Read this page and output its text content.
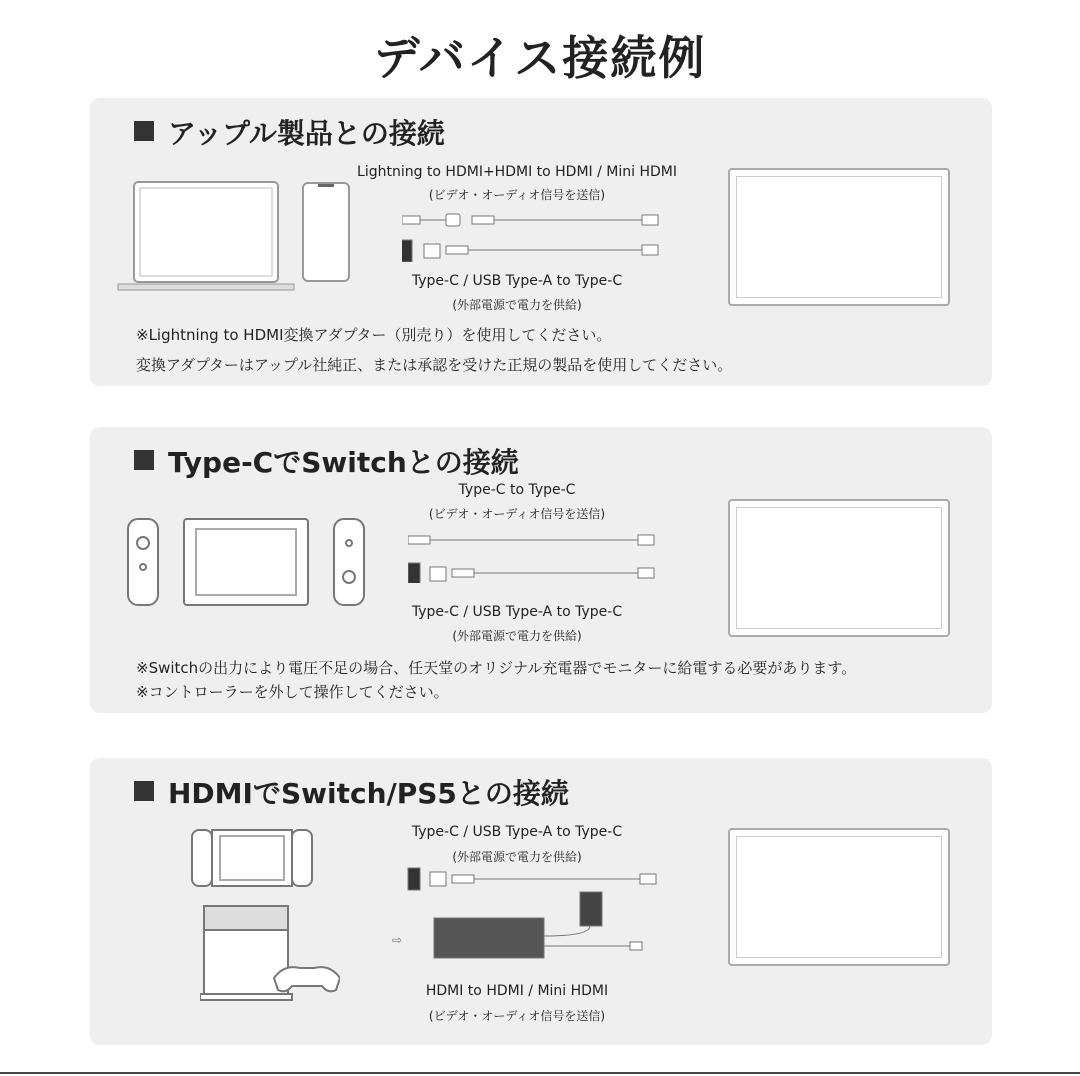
デバイス接続例
アップル製品との接続
Lightning to HDMI+HDMI to HDMI / Mini HDMI
(ビデオ・オーディオ信号を送信)
Type-C / USB Type-A to Type-C
(外部電源で電力を供給)
※Lightning to HDMI変換アダプター（別売り）を使用してください。
変換アダプターはアップル社純正、または承認を受けた正規の製品を使用してください。
Type-CでSwitchとの接続
Type-C to Type-C
(ビデオ・オーディオ信号を送信)
Type-C / USB Type-A to Type-C
(外部電源で電力を供給)
※Switchの出力により電圧不足の場合、任天堂のオリジナル充電器でモニターに給電する必要があります。
※コントローラーを外して操作してください。
HDMIでSwitch/PS5との接続
Type-C / USB Type-A to Type-C
(外部電源で電力を供給)
⇨
HDMI to HDMI / Mini HDMI
(ビデオ・オーディオ信号を送信)
